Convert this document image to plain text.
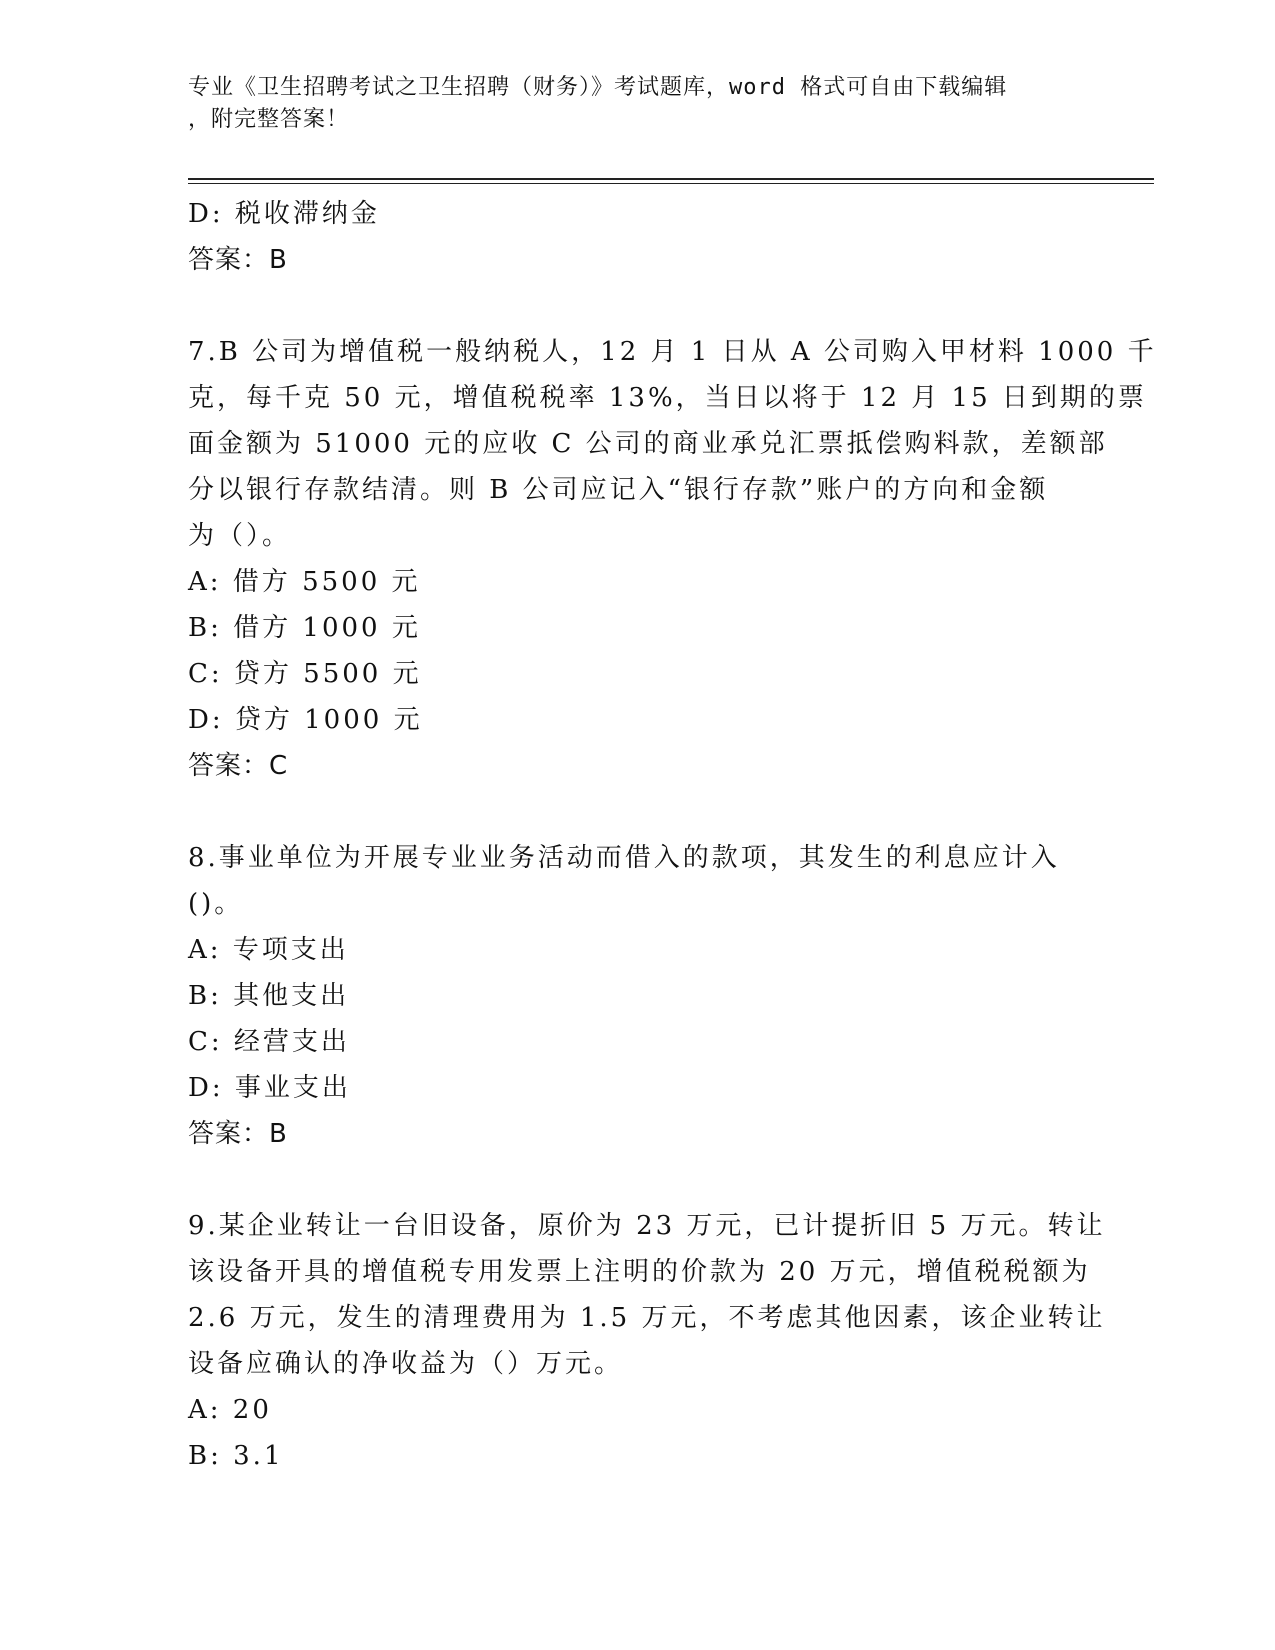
专业《卫生招聘考试之卫生招聘（财务）》考试题库，word 格式可自由下载编辑
，附完整答案！
D: 税收滞纳金
答案：B
7.B 公司为增值税一般纳税人，12 月 1 日从 A 公司购入甲材料 1000 千
克，每千克 50 元，增值税税率 13%，当日以将于 12 月 15 日到期的票
面金额为 51000 元的应收 C 公司的商业承兑汇票抵偿购料款，差额部
分以银行存款结清。则 B 公司应记入“银行存款”账户的方向和金额
为（）。
A: 借方 5500 元
B: 借方 1000 元
C: 贷方 5500 元
D: 贷方 1000 元
答案：C
8.事业单位为开展专业业务活动而借入的款项，其发生的利息应计入
()。
A: 专项支出
B: 其他支出
C: 经营支出
D: 事业支出
答案：B
9.某企业转让一台旧设备，原价为 23 万元，已计提折旧 5 万元。转让
该设备开具的增值税专用发票上注明的价款为 20 万元，增值税税额为
2.6 万元，发生的清理费用为 1.5 万元，不考虑其他因素，该企业转让
设备应确认的净收益为（）万元。
A: 20
B: 3.1
